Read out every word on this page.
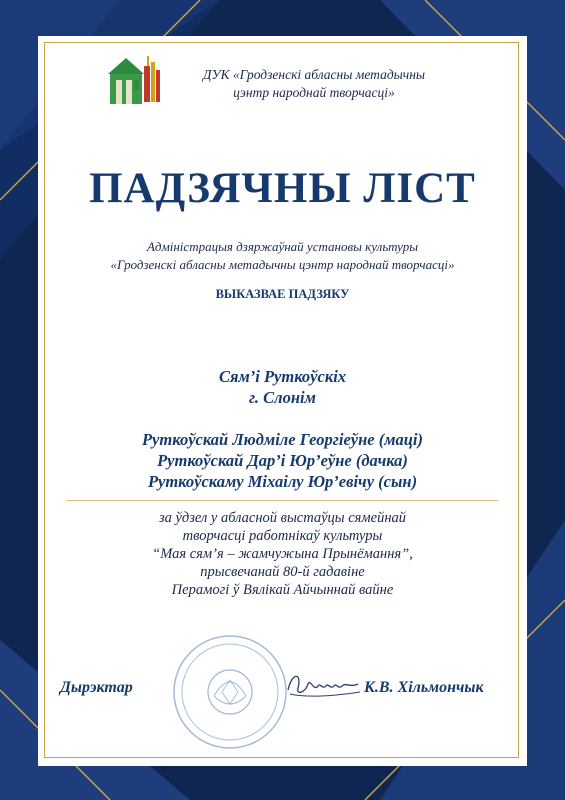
ДУК «Гродзенскі абласны метадычны
цэнтр народнай творчасці»
ПАДЗЯЧНЫ ЛІСТ
Адміністрацыя дзяржаўнай установы культуры
«Гродзенскі абласны метадычны цэнтр народнай творчасці»
ВЫКАЗВАЕ ПАДЗЯКУ
Сям’і Руткоўскіх
г. Слонім
Руткоўскай Людміле Георгіеўне (маці)
Руткоўскай Дар’і Юр’еўне (дачка)
Руткоўскаму Міхаілу Юр’евічу (сын)
за ўдзел у абласной выстаўцы сямейнай
творчасці работнікаў культуры
“Мая сям’я – жамчужына Прынёмання”,
прысвечанай 80-й гадавіне
Перамогі ў Вялікай Айчыннай вайне
Дырэктар	К.В. Хільмончык
